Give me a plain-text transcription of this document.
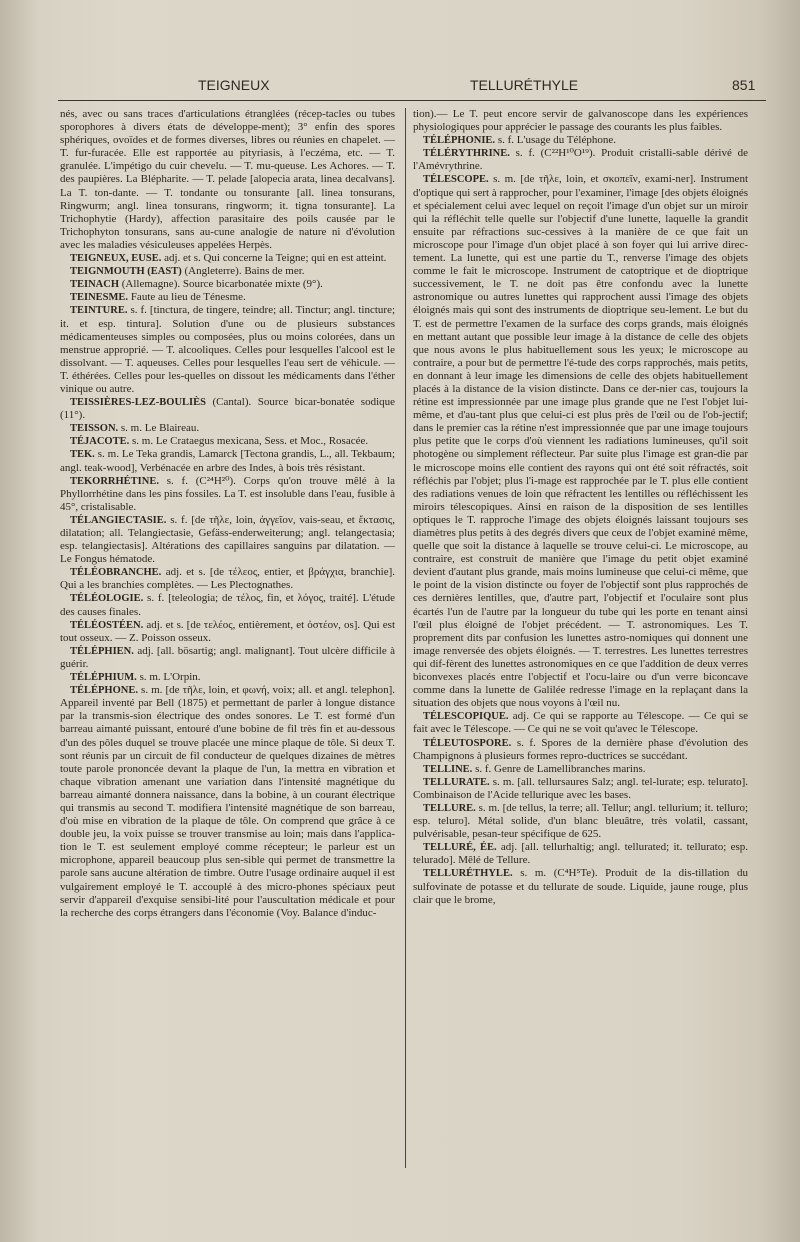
TEIGNEUX	TELLURÉTHYLE	851

nés, avec ou sans traces d'articulations étranglées (récep-tacles ou tubes sporophores à divers états de développe-ment); 3° enfin des spores sphériques, ovoïdes et de formes diverses, libres ou réunies en chapelet. — T. fur-furacée. Elle est rapportée au pityriasis, à l'eczéma, etc. — T. granulée. L'impétigo du cuir chevelu. — T. mu-queuse. Les Achores. — T. des paupières. La Blépharite. — T. pelade [alopecia arata, linea decalvans]. La T. ton-dante. — T. tondante ou tonsurante [all. linea tonsurans, Ringwurm; angl. linea tonsurans, ringworm; it. tigna tonsurante]. La Trichophytie (Hardy), affection parasitaire des poils causée par le Trichophyton tonsurans, sans au-cune analogie de nature ni d'évolution avec les maladies vésiculeuses appelées Herpès.

TEIGNEUX, EUSE. adj. et s. Qui concerne la Teigne; qui en est atteint.

TEIGNMOUTH (EAST) (Angleterre). Bains de mer.

TEINACH (Allemagne). Source bicarbonatée mixte (9°).

TEINESME. Faute au lieu de Ténesme.

TEINTURE. s. f. [tinctura, de tingere, teindre; all. Tinctur; angl. tincture; it. et esp. tintura]. Solution d'une ou de plusieurs substances médicamenteuses simples ou composées, plus ou moins colorées, dans un menstrue approprié. — T. alcooliques. Celles pour lesquelles l'alcool est le dissolvant. — T. aqueuses. Celles pour lesquelles l'eau sert de véhicule. — T. éthérées. Celles pour les-quelles on dissout les médicaments dans l'éther vinique ou autre.

TEISSIÈRES-LEZ-BOULIÈS (Cantal). Source bicar-bonatée sodique (11°).

TEISSON. s. m. Le Blaireau.

TÉJACOTE. s. m. Le Crataegus mexicana, Sess. et Moc., Rosacée.

TEK. s. m. Le Teka grandis, Lamarck [Tectona grandis, L., all. Tekbaum; angl. teak-wood], Verbénacée en arbre des Indes, à bois très résistant.

TEKORRHÉTINE. s. f. (C²⁴H²⁰). Corps qu'on trouve mêlé à la Phyllorrhétine dans les pins fossiles. La T. est insoluble dans l'eau, fusible à 45°, cristalisable.

TÉLANGIECTASIE. s. f. [de τῆλε, loin, ἀγγεῖον, vais-seau, et ἔκτασις, dilatation; all. Telangiectasie, Gefäss-enderweiterung; angl. telangectasia; esp. telangiectasis]. Altérations des capillaires sanguins par dilatation. — Le Fongus hématode.

TÉLÉOBRANCHE. adj. et s. [de τέλεος, entier, et βράγχια, branchie]. Qui a les branchies complètes. — Les Plectognathes.

TÉLÉOLOGIE. s. f. [teleologia; de τέλος, fin, et λόγος, traité]. L'étude des causes finales.

TÉLÉOSTÉEN. adj. et s. [de τελέος, entièrement, et ὀστέον, os]. Qui est tout osseux. — Z. Poisson osseux.

TÉLÉPHIEN. adj. [all. bösartig; angl. malignant]. Tout ulcère difficile à guérir.

TÉLÉPHIUM. s. m. L'Orpin.

TÉLÉPHONE. s. m. [de τῆλε, loin, et φωνή, voix; all. et angl. telephon]. Appareil inventé par Bell (1875) et permettant de parler à longue distance par la transmis-sion électrique des ondes sonores. Le T. est formé d'un barreau aimanté puissant, entouré d'une bobine de fil très fin et au-dessous d'un des pôles duquel se trouve placée une mince plaque de tôle. Si deux T. sont réunis par un circuit de fil conducteur de quelques dizaines de mètres toute parole prononcée devant la plaque de l'un, la mettra en vibration et chaque vibration amenant une variation dans l'intensité magnétique du barreau aimanté donnera naissance, dans la bobine, à un courant électrique qui transmis au second T. modifiera l'intensité magnétique de son barreau, d'où mise en vibration de la plaque de tôle. On comprend que grâce à ce double jeu, la voix puisse se trouver transmise au loin; mais dans l'applica-tion le T. est seulement employé comme récepteur; le parleur est un microphone, appareil beaucoup plus sen-sible qui permet de transmettre la parole sans aucune altération de timbre. Outre l'usage ordinaire auquel il est vulgairement employé le T. accouplé à des micro-phones spéciaux peut servir d'appareil d'exquise sensibi-lité pour l'auscultation médicale et pour la recherche des corps étrangers dans l'économie (Voy. Balance d'induc-

tion).— Le T. peut encore servir de galvanoscope dans les expériences physiologiques pour apprécier le passage des courants les plus faibles.

TÉLÉPHONIE. s. f. L'usage du Téléphone.

TÉLÉRYTHRINE. s. f. (C²²H¹⁰O¹⁹). Produit cristalli-sable dérivé de l'Amévrythrine.

TÉLESCOPE. s. m. [de τῆλε, loin, et σκοπεῖν, exami-ner]. Instrument d'optique qui sert à rapprocher, pour l'examiner, l'image [des objets éloignés et spécialement celui avec lequel on reçoit l'image d'un objet sur un miroir qui la réfléchit telle quelle sur l'objectif d'une lunette, laquelle la grandit ensuite par réfractions suc-cessives à la manière de ce que fait un microscope pour l'image d'un objet placé à son foyer qui lui arrive direc-tement. La lunette, qui est une partie du T., renverse l'image des objets comme le fait le microscope. Instrument de catoptrique et de dioptrique successivement, le T. ne doit pas être confondu avec la lunette astronomique ou autres lunettes qui rapprochent aussi l'image des objets éloignés mais qui sont des instruments de dioptrique seu-lement. Le but du T. est de permettre l'examen de la surface des corps grands, mais éloignés en mettant autant que possible leur image à la distance de celle des objets que nous avons le plus habituellement sous les yeux; le microscope au contraire, a pour but de permettre l'é-tude des corps rapprochés, mais petits, en donnant à leur image les dimensions de celle des objets habituellement placés à la distance de la vision distincte. Dans ce der-nier cas, toujours la rétine est impressionnée par une image plus grande que ne l'est l'objet lui-même, et d'au-tant plus que celui-ci est plus près de l'œil ou de l'ob-jectif; dans le premier cas la rétine n'est impressionnée que par une image toujours plus petite que le corps d'où viennent les radiations lumineuses, qu'il soit photogène ou simplement réflecteur. Par suite plus l'image est gran-die par le microscope moins elle contient des rayons qui ont été soit réfractés, soit réfléchis par l'objet; plus l'i-mage est rapprochée par le T. plus elle contient des radiations venues de loin que réfractent les lentilles ou réfléchissent les miroirs télescopiques. Ainsi en raison de la disposition de ses lentilles optiques le T. rapproche l'image des objets éloignés laissant toujours ses diamètres plus petits à des degrés divers que ceux de l'objet examiné même, quelle que soit la distance à laquelle se trouve celui-ci. Le microscope, au contraire, est construit de manière que l'image du petit objet examiné devient d'autant plus grande, mais moins lumineuse que celui-ci même, que le point de la vision distincte ou foyer de l'objectif sont plus rapprochés de ces dernières lentilles, que, d'autre part, l'objectif et l'oculaire sont plus écartés l'un de l'autre par la longueur du tube qui les porte en tenant ainsi l'œil plus éloigné de l'objet précédent. — T. astronomiques. Les T. proprement dits par confusion les lunettes astro-nomiques qui donnent une image renversée des objets éloignés. — T. terrestres. Les lunettes terrestres qui dif-fèrent des lunettes astronomiques en ce que l'addition de deux verres biconvexes placés entre l'objectif et l'ocu-laire ou d'un verre biconcave comme dans la lunette de Galilée redresse l'image en la replaçant dans la situation des objets que nous voyons à l'œil nu.

TÉLESCOPIQUE. adj. Ce qui se rapporte au Télescope. — Ce qui se fait avec le Télescope. — Ce qui ne se voit qu'avec le Télescope.

TÉLEUTOSPORE. s. f. Spores de la dernière phase d'évolution des Champignons à plusieurs formes repro-ductrices se succédant.

TELLINE. s. f. Genre de Lamellibranches marins.

TELLURATE. s. m. [all. tellursaures Salz; angl. tel-lurate; esp. telurato]. Combinaison de l'Acide tellurique avec les bases.

TELLURE. s. m. [de tellus, la terre; all. Tellur; angl. tellurium; it. telluro; esp. teluro]. Métal solide, d'un blanc bleuâtre, très volatil, cassant, pulvérisable, pesan-teur spécifique de 625.

TELLURÉ, ÉE. adj. [all. tellurhaltig; angl. tellurated; it. tellurato; esp. telurado]. Mêlé de Tellure.

TELLURÉTHYLE. s. m. (C⁴H⁵Te). Produit de la dis-tillation du sulfovinate de potasse et du tellurate de soude. Liquide, jaune rouge, plus clair que le brome,
